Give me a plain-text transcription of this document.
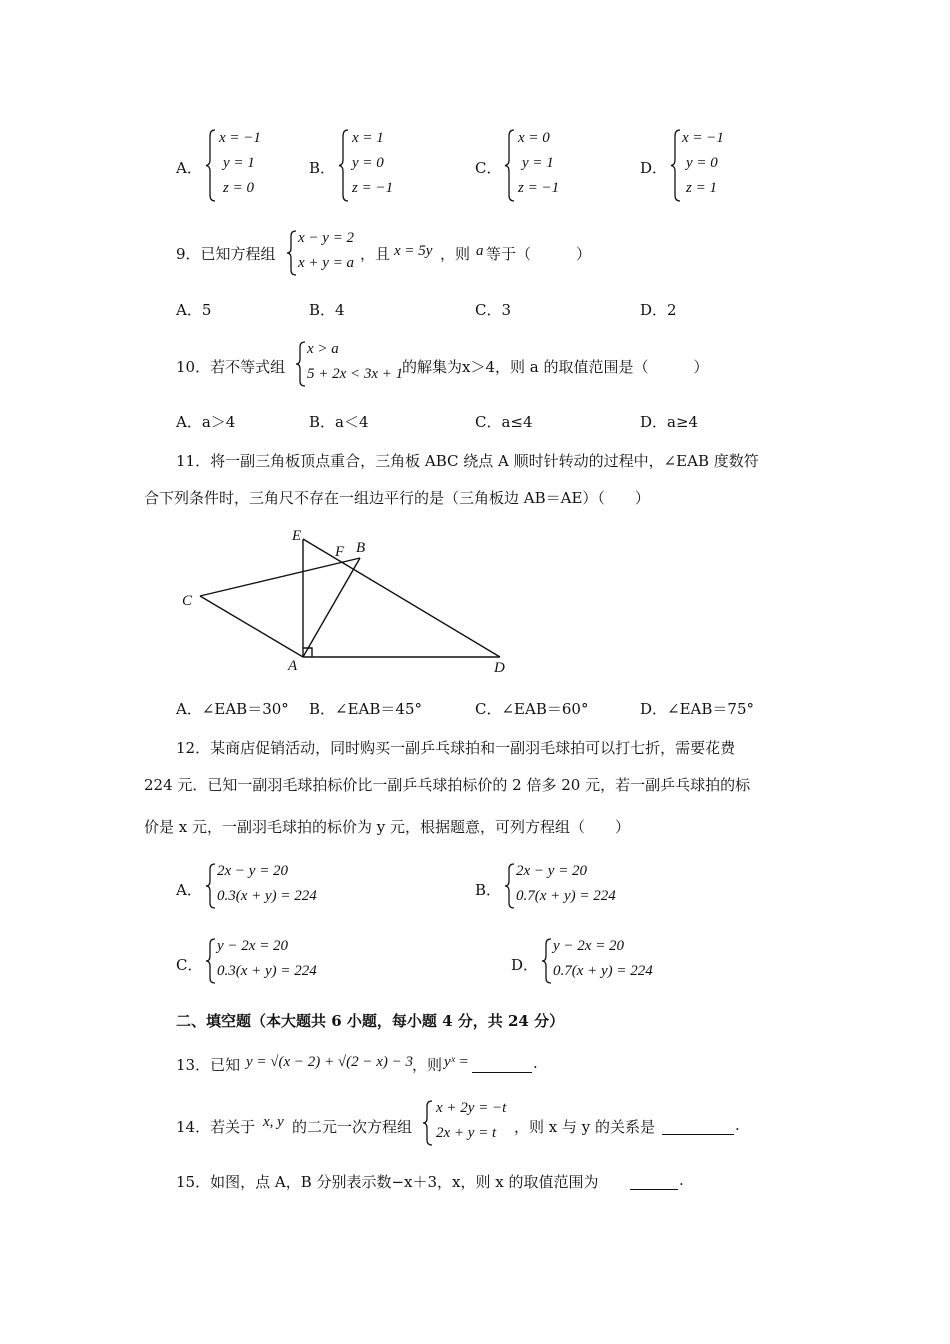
A．
x = −1
y = 1
z = 0
B．
x = 1
y = 0
z = −1
C．
x = 0
y = 1
z = −1
D．
x = −1
y = 0
z = 1
9．已知方程组
x − y = 2
x + y = a ，且 x = 5y ，则 a 等于（　　　）
A．5	B．4	C．3	D．2
10．若不等式组
x > a
5 + 2x < 3x + 1
的解集为x＞4，则 a 的取值范围是（　　　）
A．a＞4	B．a＜4	C．a≤4	D．a≥4
11．将一副三角板顶点重合，三角板 ABC 绕点 A 顺时针转动的过程中，∠EAB 度数符
合下列条件时，三角尺不存在一组边平行的是（三角板边 AB＝AE）（　　）
E
F B
C
A	D
A．∠EAB＝30° B．∠EAB＝45°	C．∠EAB＝60°	D．∠EAB＝75°
12．某商店促销活动，同时购买一副乒乓球拍和一副羽毛球拍可以打七折，需要花费
224 元．已知一副羽毛球拍标价比一副乒乓球拍标价的 2 倍多 20 元，若一副乒乓球拍的标
价是 x 元，一副羽毛球拍的标价为 y 元，根据题意，可列方程组（　　）
A．
2x − y = 20
0.3(x + y) = 224	B．
2x − y = 20
0.7(x + y) = 224
C．
y − 2x = 20
0.3(x + y) = 224	D．
y − 2x = 20
0.7(x + y) = 224
二、填空题（本大题共 6 小题，每小题 4 分，共 24 分）
13．已知 y = √(x − 2) + √(2 − x) − 3
，则 yˣ =	.
14．若关于 x, y 的二元一次方程组
x + 2y = −t
2x + y = t ，则 x 与 y 的关系是	.
15．如图，点 A，B 分别表示数−x＋3，x，则 x 的取值范围为	.
